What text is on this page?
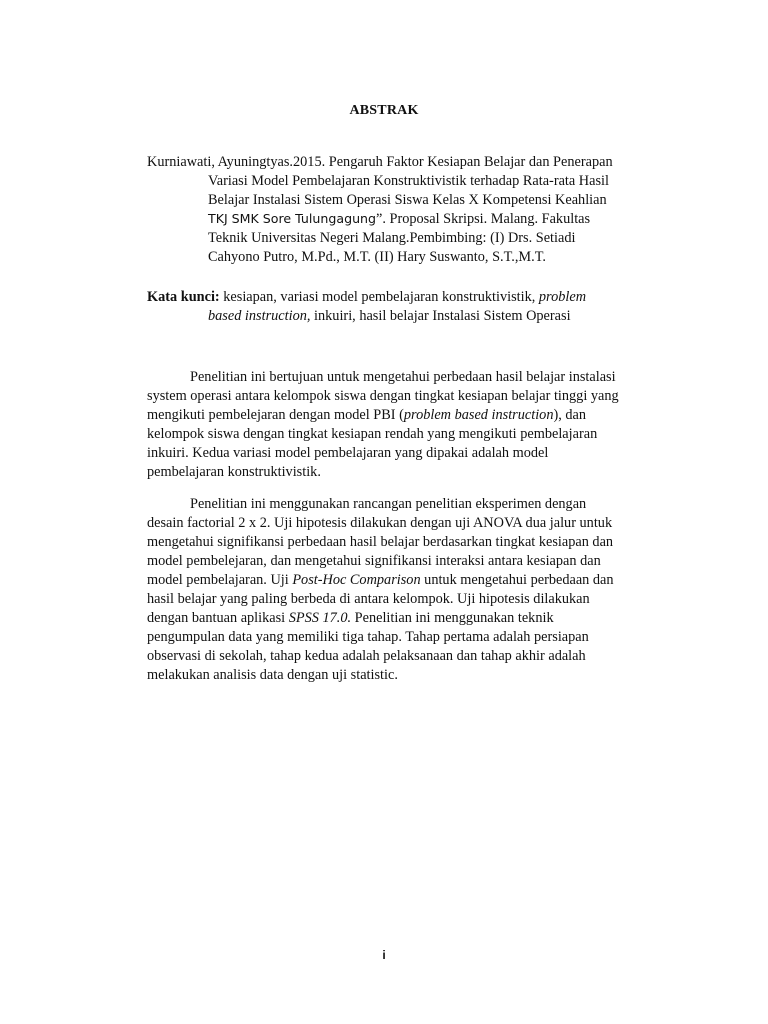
ABSTRAK
Kurniawati, Ayuningtyas.2015. Pengaruh Faktor Kesiapan Belajar dan Penerapan
Variasi Model Pembelajaran Konstruktivistik terhadap Rata-rata Hasil
Belajar Instalasi Sistem Operasi Siswa Kelas X Kompetensi Keahlian
TKJ SMK Sore Tulungagung”. Proposal Skripsi. Malang. Fakultas
Teknik Universitas Negeri Malang.Pembimbing: (I) Drs. Setiadi
Cahyono Putro, M.Pd., M.T. (II) Hary Suswanto, S.T.,M.T.
Kata kunci: kesiapan, variasi model pembelajaran konstruktivistik, problem
based instruction, inkuiri, hasil belajar Instalasi Sistem Operasi
Penelitian ini bertujuan untuk mengetahui perbedaan hasil belajar instalasi
system operasi antara kelompok siswa dengan tingkat kesiapan belajar tinggi yang
mengikuti pembelejaran dengan model PBI (problem based instruction), dan
kelompok siswa dengan tingkat kesiapan rendah yang mengikuti pembelajaran
inkuiri. Kedua variasi model pembelajaran yang dipakai adalah model
pembelajaran konstruktivistik.
Penelitian ini menggunakan rancangan penelitian eksperimen dengan
desain factorial 2 x 2. Uji hipotesis dilakukan dengan uji ANOVA dua jalur untuk
mengetahui signifikansi perbedaan hasil belajar berdasarkan tingkat kesiapan dan
model pembelejaran, dan mengetahui signifikansi interaksi antara kesiapan dan
model pembelajaran. Uji Post-Hoc Comparison untuk mengetahui perbedaan dan
hasil belajar yang paling berbeda di antara kelompok. Uji hipotesis dilakukan
dengan bantuan aplikasi SPSS 17.0. Penelitian ini menggunakan teknik
pengumpulan data yang memiliki tiga tahap. Tahap pertama adalah persiapan
observasi di sekolah, tahap kedua adalah pelaksanaan dan tahap akhir adalah
melakukan analisis data dengan uji statistic.
i
